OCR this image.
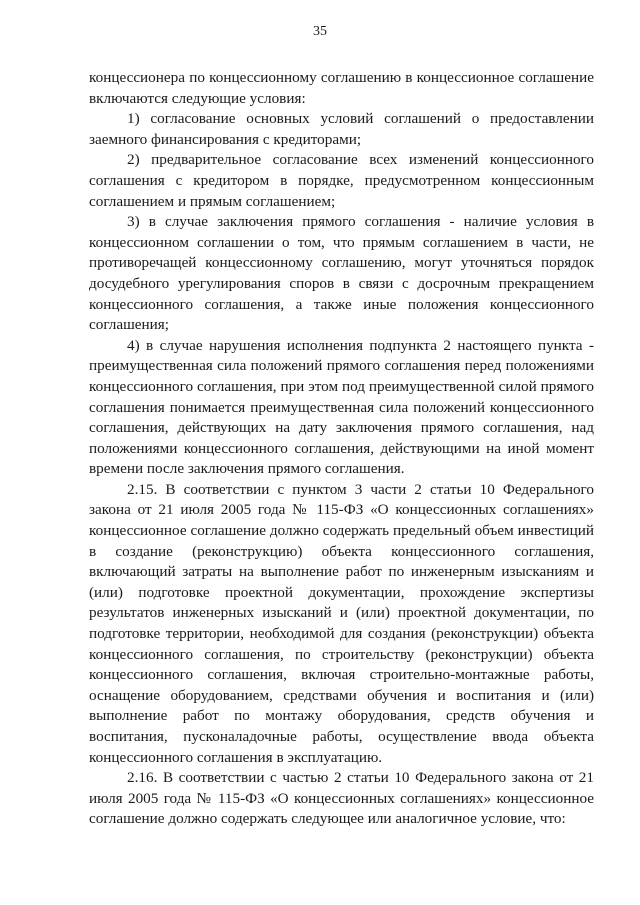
35

концессионера по концессионному соглашению в концессионное соглашение включаются следующие условия:

1) согласование основных условий соглашений о предоставлении заемного финансирования с кредиторами;

2) предварительное согласование всех изменений концессионного соглашения с кредитором в порядке, предусмотренном концессионным соглашением и прямым соглашением;

3) в случае заключения прямого соглашения - наличие условия в концессионном соглашении о том, что прямым соглашением в части, не противоречащей концессионному соглашению, могут уточняться порядок досудебного урегулирования споров в связи с досрочным прекращением концессионного соглашения, а также иные положения концессионного соглашения;

4) в случае нарушения исполнения подпункта 2 настоящего пункта - преимущественная сила положений прямого соглашения перед положениями концессионного соглашения, при этом под преимущественной силой прямого соглашения понимается преимущественная сила положений концессионного соглашения, действующих на дату заключения прямого соглашения, над положениями концессионного соглашения, действующими на иной момент времени после заключения прямого соглашения.

2.15. В соответствии с пунктом 3 части 2 статьи 10 Федерального закона от 21 июля 2005 года № 115-ФЗ «О концессионных соглашениях» концессионное соглашение должно содержать предельный объем инвестиций в создание (реконструкцию) объекта концессионного соглашения, включающий затраты на выполнение работ по инженерным изысканиям и (или) подготовке проектной документации, прохождение экспертизы результатов инженерных изысканий и (или) проектной документации, по подготовке территории, необходимой для создания (реконструкции) объекта концессионного соглашения, по строительству (реконструкции) объекта концессионного соглашения, включая строительно-монтажные работы, оснащение оборудованием, средствами обучения и воспитания и (или) выполнение работ по монтажу оборудования, средств обучения и воспитания, пусконаладочные работы, осуществление ввода объекта концессионного соглашения в эксплуатацию.

2.16. В соответствии с частью 2 статьи 10 Федерального закона от 21 июля 2005 года № 115-ФЗ «О концессионных соглашениях» концессионное соглашение должно содержать следующее или аналогичное условие, что:
